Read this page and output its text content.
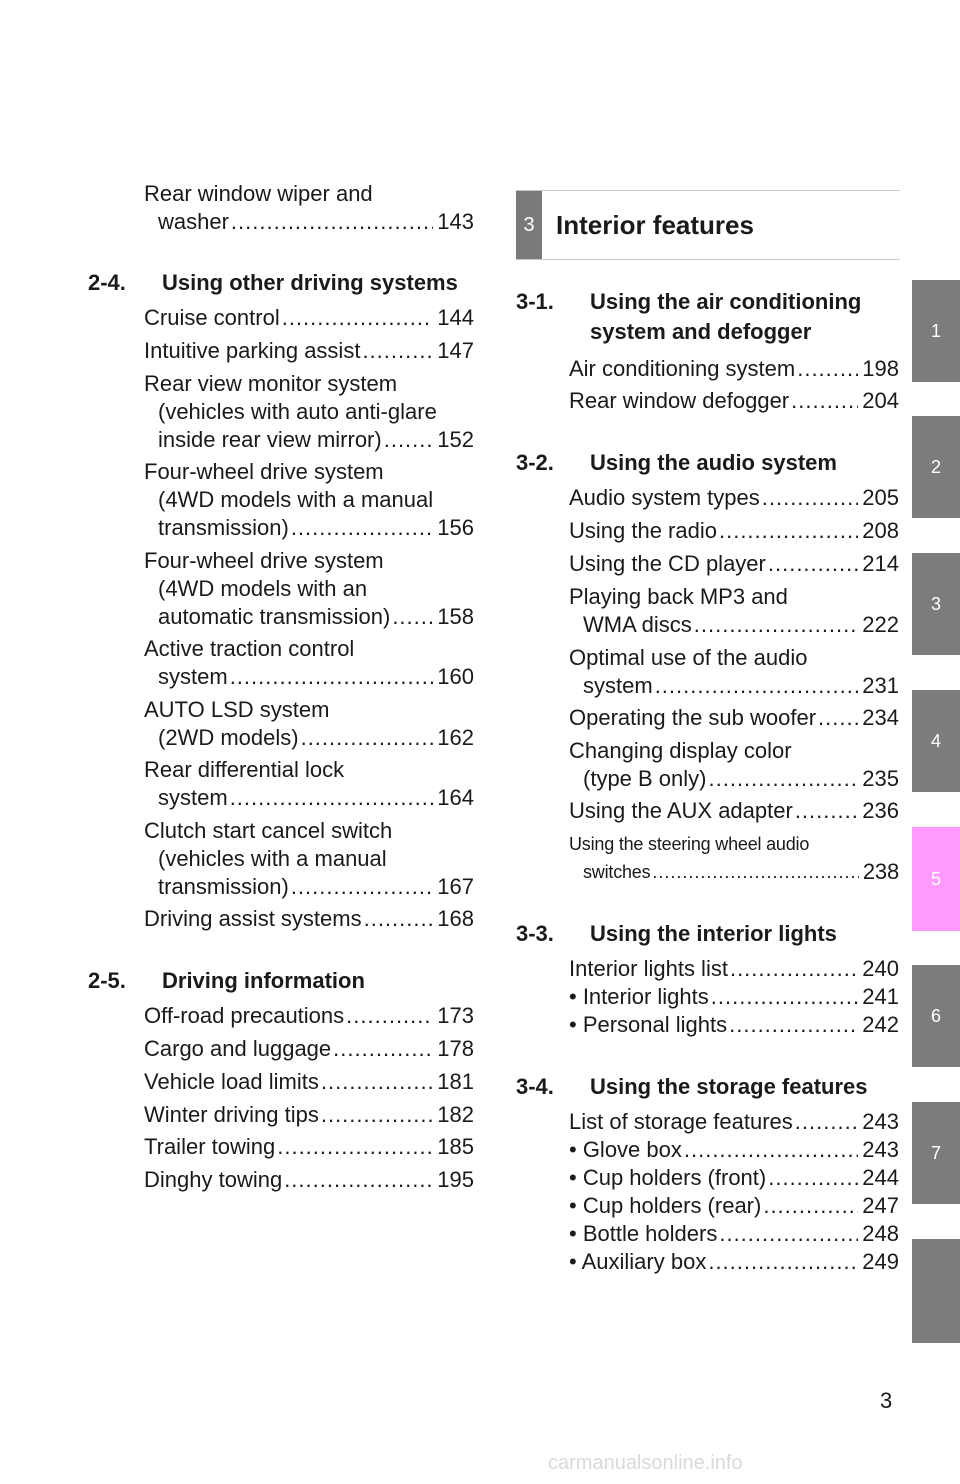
Rear window wiper and
washer .....	143
2-4. Using other driving systems
Cruise control .....	144
Intuitive parking assist .....	147
Rear view monitor system
(vehicles with auto anti-glare
inside rear view mirror) .....	152
Four-wheel drive system
(4WD models with a manual
transmission) .....	156
Four-wheel drive system
(4WD models with an
automatic transmission) ..... 158
Active traction control
system .....	160
AUTO LSD system
(2WD models) .....	162
Rear differential lock
system .....	164
Clutch start cancel switch
(vehicles with a manual
transmission) .....	167
Driving assist systems .....	168
2-5. Driving information
Off-road precautions .....	173
Cargo and luggage .....	178
Vehicle load limits .....	181
Winter driving tips .....	182
Trailer towing .....	185
Dinghy towing .....	195
3 Interior features
3-1. Using the air conditioning
system and defogger
Air conditioning system .....	198
Rear window defogger .....	204
3-2. Using the audio system
Audio system types .....	205
Using the radio .....	208
Using the CD player .....	214
Playing back MP3 and
WMA discs .....	222
Optimal use of the audio
system .....	231
Operating the sub woofer ..... 234
Changing display color
(type B only) .....	235
Using the AUX adapter .....	236
Using the steering wheel audio
switches .....	238
3-3. Using the interior lights
Interior lights list .....	240
• Interior lights .....	241
• Personal lights .....	242
3-4. Using the storage features
List of storage features .....	243
• Glove box .....	243
• Cup holders (front) .....	244
• Cup holders (rear) .....	247
• Bottle holders .....	248
• Auxiliary box .....	249
1
2
3
4
5
6
7
3
carmanualsonline.info
